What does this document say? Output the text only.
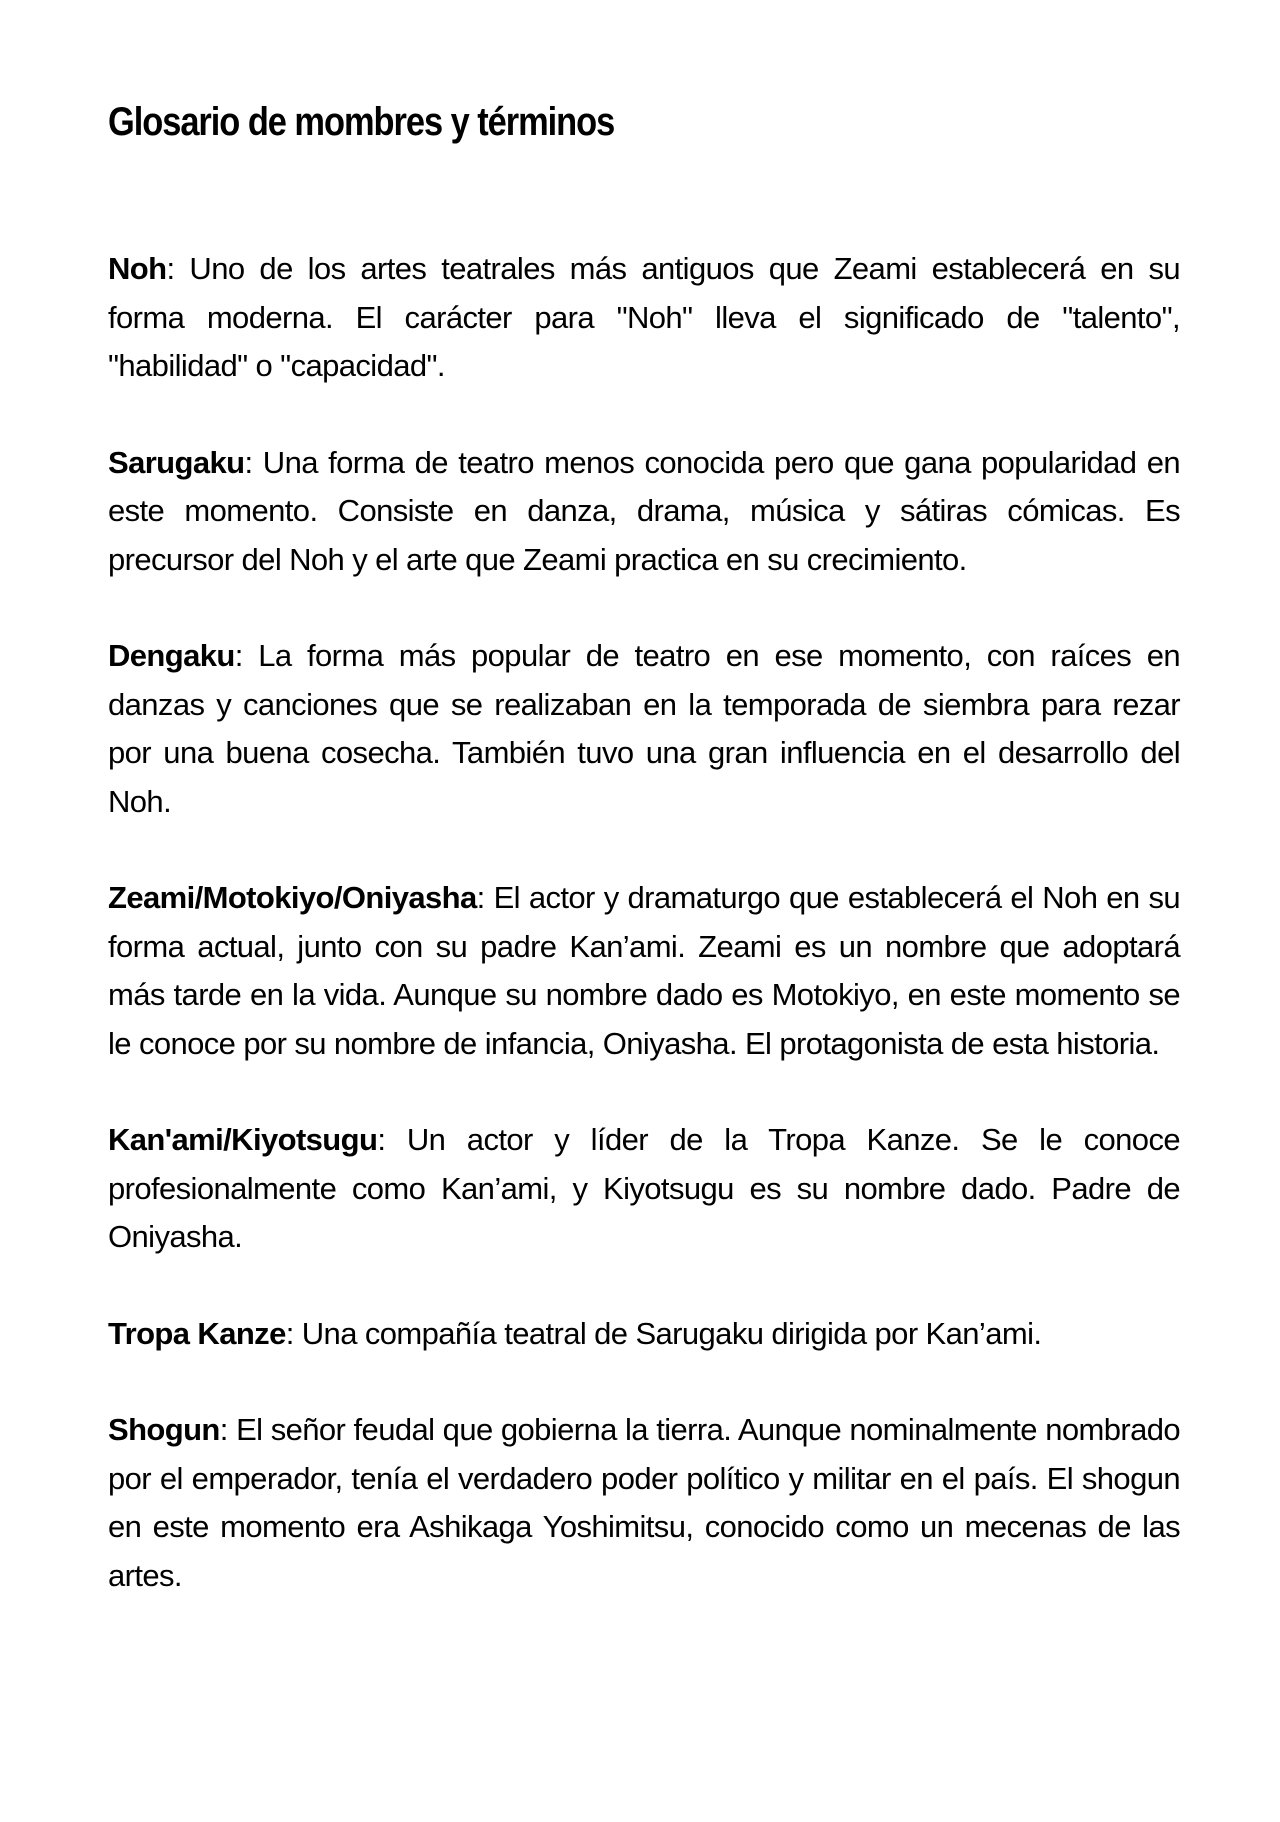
Glosario de mombres y términos

Noh: Uno de los artes teatrales más antiguos que Zeami establecerá en su forma moderna. El carácter para "Noh" lleva el significado de "talento", "habilidad" o "capacidad".

Sarugaku: Una forma de teatro menos conocida pero que gana popularidad en este momento. Consiste en danza, drama, música y sátiras cómicas. Es precursor del Noh y el arte que Zeami practica en su crecimiento.

Dengaku: La forma más popular de teatro en ese momento, con raíces en danzas y canciones que se realizaban en la temporada de siembra para rezar por una buena cosecha. También tuvo una gran influencia en el desarrollo del Noh.

Zeami/Motokiyo/Oniyasha: El actor y dramaturgo que establecerá el Noh en su forma actual, junto con su padre Kan’ami. Zeami es un nombre que adoptará más tarde en la vida. Aunque su nombre dado es Motokiyo, en este momento se le conoce por su nombre de infancia, Oniyasha. El protagonista de esta historia.

Kan'ami/Kiyotsugu: Un actor y líder de la Tropa Kanze. Se le conoce profesionalmente como Kan’ami, y Kiyotsugu es su nombre dado. Padre de Oniyasha.

Tropa Kanze: Una compañía teatral de Sarugaku dirigida por Kan’ami.

Shogun: El señor feudal que gobierna la tierra. Aunque nominalmente nombrado por el emperador, tenía el verdadero poder político y militar en el país. El shogun en este momento era Ashikaga Yoshimitsu, conocido como un mecenas de las artes.
